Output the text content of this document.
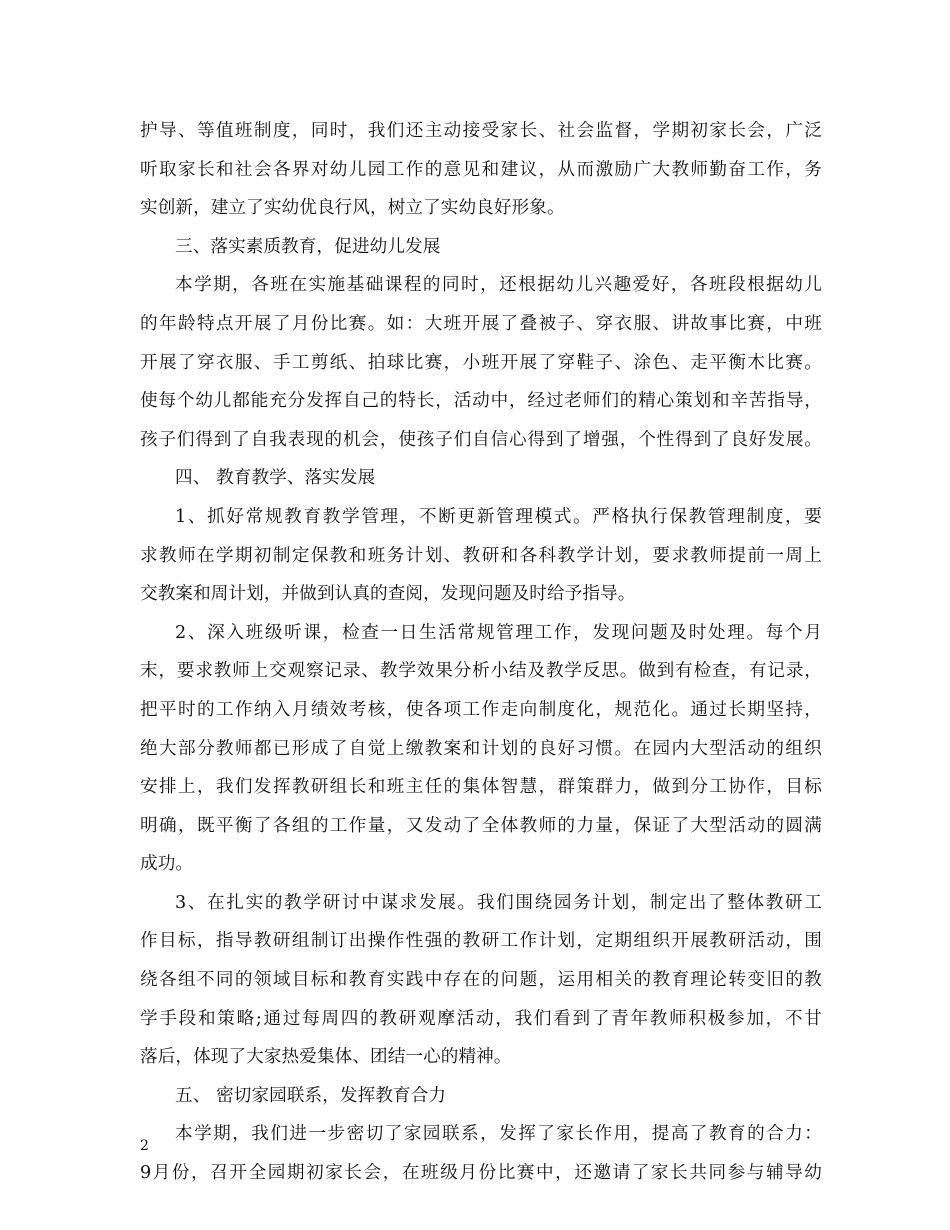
护导、等值班制度，同时，我们还主动接受家长、社会监督，学期初家长会，广泛
听取家长和社会各界对幼儿园工作的意见和建议，从而激励广大教师勤奋工作，务
实创新，建立了实幼优良行风，树立了实幼良好形象。
三、落实素质教育，促进幼儿发展
本学期，各班在实施基础课程的同时，还根据幼儿兴趣爱好，各班段根据幼儿
的年龄特点开展了月份比赛。如：大班开展了叠被子、穿衣服、讲故事比赛，中班
开展了穿衣服、手工剪纸、拍球比赛，小班开展了穿鞋子、涂色、走平衡木比赛。
使每个幼儿都能充分发挥自己的特长，活动中，经过老师们的精心策划和辛苦指导，
孩子们得到了自我表现的机会，使孩子们自信心得到了增强，个性得到了良好发展。
四、 教育教学、落实发展
1、抓好常规教育教学管理，不断更新管理模式。严格执行保教管理制度，要
求教师在学期初制定保教和班务计划、教研和各科教学计划，要求教师提前一周上
交教案和周计划，并做到认真的查阅，发现问题及时给予指导。
2、深入班级听课，检查一日生活常规管理工作，发现问题及时处理。每个月
末，要求教师上交观察记录、教学效果分析小结及教学反思。做到有检查，有记录，
把平时的工作纳入月绩效考核，使各项工作走向制度化，规范化。通过长期坚持，
绝大部分教师都已形成了自觉上缴教案和计划的良好习惯。在园内大型活动的组织
安排上，我们发挥教研组长和班主任的集体智慧，群策群力，做到分工协作，目标
明确，既平衡了各组的工作量，又发动了全体教师的力量，保证了大型活动的圆满
成功。
3、在扎实的教学研讨中谋求发展。我们围绕园务计划，制定出了整体教研工
作目标，指导教研组制订出操作性强的教研工作计划，定期组织开展教研活动，围
绕各组不同的领域目标和教育实践中存在的问题，运用相关的教育理论转变旧的教
学手段和策略;通过每周四的教研观摩活动，我们看到了青年教师积极参加，不甘
落后，体现了大家热爱集体、团结一心的精神。
五、 密切家园联系，发挥教育合力
本学期，我们进一步密切了家园联系，发挥了家长作用，提高了教育的合力：
9月份，召开全园期初家长会，在班级月份比赛中，还邀请了家长共同参与辅导幼
2
